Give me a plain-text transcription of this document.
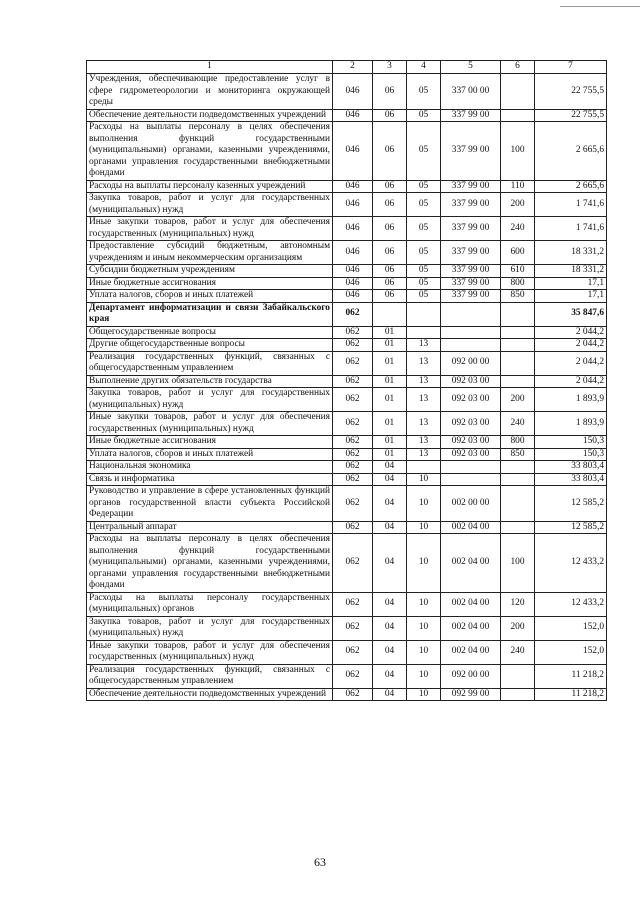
1	2	3	4	5	6	7
Учреждения, обеспечивающие предоставление услуг в сфере гидрометеорологии и мониторинга окружающей среды	046	06	05	337 00 00		22 755,5
Обеспечение деятельности подведомственных учреждений	046	06	05	337 99 00		22 755,5
Расходы на выплаты персоналу в целях обеспечения выполнения функций государственными (муниципальными) органами, казенными учреждениями, органами управления государственными внебюджетными фондами	046	06	05	337 99 00	100	2 665,6
Расходы на выплаты персоналу казенных учреждений	046	06	05	337 99 00	110	2 665,6
Закупка товаров, работ и услуг для государственных (муниципальных) нужд	046	06	05	337 99 00	200	1 741,6
Иные закупки товаров, работ и услуг для обеспечения государственных (муниципальных) нужд	046	06	05	337 99 00	240	1 741,6
Предоставление субсидий бюджетным, автономным учреждениям и иным некоммерческим организациям	046	06	05	337 99 00	600	18 331,2
Субсидии бюджетным учреждениям	046	06	05	337 99 00	610	18 331,2
Иные бюджетные ассигнования	046	06	05	337 99 00	800	17,1
Уплата налогов, сборов и иных платежей	046	06	05	337 99 00	850	17,1
Департамент информатизации и связи Забайкальского края	062					35 847,6
Общегосударственные вопросы	062	01				2 044,2
Другие общегосударственные вопросы	062	01	13			2 044,2
Реализация государственных функций, связанных с общегосударственным управлением	062	01	13	092 00 00		2 044,2
Выполнение других обязательств государства	062	01	13	092 03 00		2 044,2
Закупка товаров, работ и услуг для государственных (муниципальных) нужд	062	01	13	092 03 00	200	1 893,9
Иные закупки товаров, работ и услуг для обеспечения государственных (муниципальных) нужд	062	01	13	092 03 00	240	1 893,9
Иные бюджетные ассигнования	062	01	13	092 03 00	800	150,3
Уплата налогов, сборов и иных платежей	062	01	13	092 03 00	850	150,3
Национальная экономика	062	04				33 803,4
Связь и информатика	062	04	10			33 803,4
Руководство и управление в сфере установленных функций органов государственной власти субъекта Российской Федерации	062	04	10	002 00 00		12 585,2
Центральный аппарат	062	04	10	002 04 00		12 585,2
Расходы на выплаты персоналу в целях обеспечения выполнения функций государственными (муниципальными) органами, казенными учреждениями, органами управления государственными внебюджетными фондами	062	04	10	002 04 00	100	12 433,2
Расходы на выплаты персоналу государственных (муниципальных) органов	062	04	10	002 04 00	120	12 433,2
Закупка товаров, работ и услуг для государственных (муниципальных) нужд	062	04	10	002 04 00	200	152,0
Иные закупки товаров, работ и услуг для обеспечения государственных (муниципальных) нужд	062	04	10	002 04 00	240	152,0
Реализация государственных функций, связанных с общегосударственным управлением	062	04	10	092 00 00		11 218,2
Обеспечение деятельности подведомственных учреждений	062	04	10	092 99 00		11 218,2
63
